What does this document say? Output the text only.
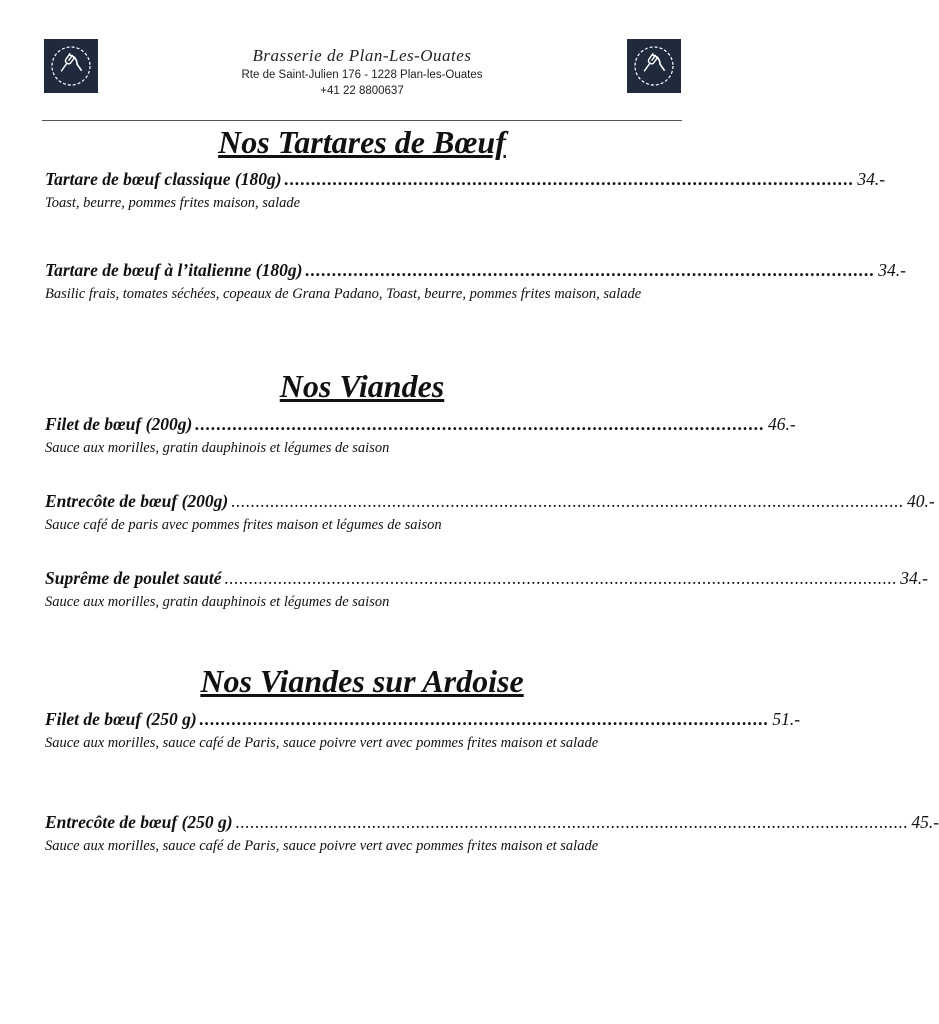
Brasserie de Plan-Les-Ouates
Rte de Saint-Julien 176 - 1228 Plan-les-Ouates
+41 22 8800637
Nos Tartares de Bœuf
Tartare de bœuf classique (180g) .......................................................................................................... 34.-
Toast, beurre, pommes frites maison, salade
Tartare de bœuf à l’italienne (180g) .......................................................................................................... 34.-
Basilic frais, tomates séchées, copeaux de Grana Padano, Toast, beurre, pommes frites maison, salade
Nos Viandes
Filet de bœuf (200g) .......................................................................................................... 46.-
Sauce aux morilles, gratin dauphinois et légumes de saison
Entrecôte de bœuf (200g) .......................................................................................................................................... 40.-
Sauce café de paris avec pommes frites maison et légumes de saison
Suprême de poulet sauté .......................................................................................................................................... 34.-
Sauce aux morilles, gratin dauphinois et légumes de saison
Nos Viandes sur Ardoise
Filet de bœuf (250 g) .......................................................................................................... 51.-
Sauce aux morilles, sauce café de Paris, sauce poivre vert avec pommes frites maison et salade
Entrecôte de bœuf (250 g) .......................................................................................................................................... 45.-
Sauce aux morilles, sauce café de Paris, sauce poivre vert avec pommes frites maison et salade
